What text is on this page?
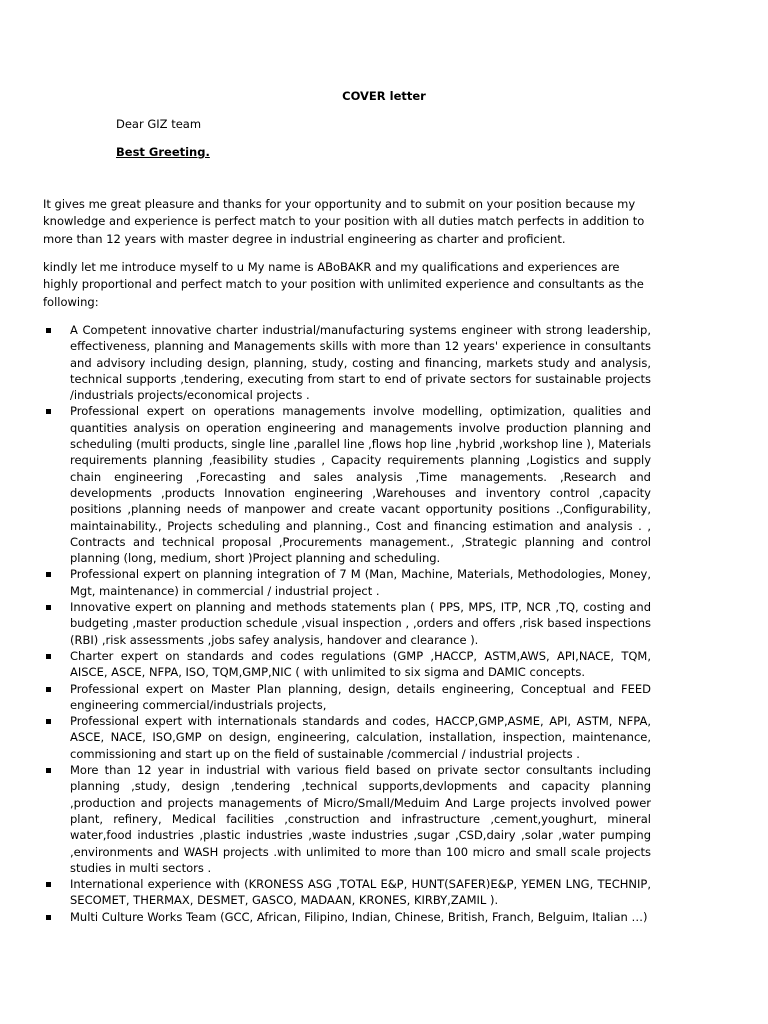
COVER letter
Dear GIZ team
Best Greeting.

It gives me great pleasure and thanks for your opportunity and to submit on your position because my knowledge and experience is perfect match to your position with all duties match perfects in addition to more than 12 years with master degree in industrial engineering as charter and proficient.

kindly let me introduce myself to u My name is ABoBAKR and my qualifications and experiences are highly proportional and perfect match to your position with unlimited experience and consultants as the following:

A Competent innovative charter industrial/manufacturing systems engineer with strong leadership, effectiveness, planning and Managements skills with more than 12 years' experience in consultants and advisory including design, planning, study, costing and financing, markets study and analysis, technical supports ,tendering, executing from start to end of private sectors for sustainable projects /industrials projects/economical projects .
Professional expert on operations managements involve modelling, optimization, qualities and quantities analysis on operation engineering and managements involve production planning and scheduling (multi products, single line ,parallel line ,flows hop line ,hybrid ,workshop line ), Materials requirements planning ,feasibility studies , Capacity requirements planning ,Logistics and supply chain engineering ,Forecasting and sales analysis ,Time managements. ,Research and developments ,products Innovation engineering ,Warehouses and inventory control ,capacity positions ,planning needs of manpower and create vacant opportunity positions .,Configurability, maintainability., Projects scheduling and planning., Cost and financing estimation and analysis . , Contracts and technical proposal ,Procurements management., ,Strategic planning and control planning (long, medium, short )Project planning and scheduling.
Professional expert on planning integration of 7 M (Man, Machine, Materials, Methodologies, Money, Mgt, maintenance) in commercial / industrial project .
Innovative expert on planning and methods statements plan ( PPS, MPS, ITP, NCR ,TQ, costing and budgeting ,master production schedule ,visual inspection , ,orders and offers ,risk based inspections (RBI) ,risk assessments ,jobs safey analysis, handover and clearance ).
Charter expert on standards and codes regulations (GMP ,HACCP, ASTM,AWS, API,NACE, TQM, AISCE, ASCE, NFPA, ISO, TQM,GMP,NIC ( with unlimited to six sigma and DAMIC concepts.
Professional expert on Master Plan planning, design, details engineering, Conceptual and FEED engineering commercial/industrials projects,
Professional expert with internationals standards and codes, HACCP,GMP,ASME, API, ASTM, NFPA, ASCE, NACE, ISO,GMP on design, engineering, calculation, installation, inspection, maintenance, commissioning and start up on the field of sustainable /commercial / industrial projects .
More than 12 year in industrial with various field based on private sector consultants including planning ,study, design ,tendering ,technical supports,devlopments and capacity planning ,production and projects managements of Micro/Small/Meduim And Large projects involved power plant, refinery, Medical facilities ,construction and infrastructure ,cement,youghurt, mineral water,food industries ,plastic industries ,waste industries ,sugar ,CSD,dairy ,solar ,water pumping ,environments and WASH projects .with unlimited to more than 100 micro and small scale projects studies in multi sectors .
International experience with (KRONESS ASG ,TOTAL E&P, HUNT(SAFER)E&P, YEMEN LNG, TECHNIP, SECOMET, THERMAX, DESMET, GASCO, MADAAN, KRONES, KIRBY,ZAMIL ).
Multi Culture Works Team (GCC, African, Filipino, Indian, Chinese, British, Franch, Belguim, Italian …)
